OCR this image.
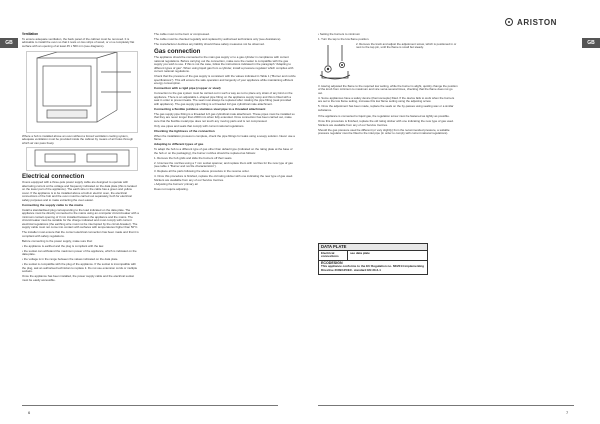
GB	GB
ARISTON

Ventilation

To ensure adequate ventilation, the back panel of the cabinet must be removed. It is advisable to install the oven so that it rests on two strips of wood, or on a completely flat surface with an opening of at least 45 x 560 mm (see diagrams).

Where a hob is installed above an oven without a forced ventilation cooling system, adequate ventilation must be provided inside the cabinet by means of air holes through which air can pass freely.

Electrical connection

Ovens equipped with a three-pole power supply cable are designed to operate with alternating current at the voltage and frequency indicated on the data plate (this is located on the lower part of the appliance). The earth wire in the cable has a green and yellow cover. If the appliance is to be installed above a built-in electric oven, the electrical connections of the hob and the oven must be carried out separately, both for electrical safety purposes and to make extracting the oven easier.

Connecting the supply cable to the mains

Install a standardised plug corresponding to the load indicated on the data plate. The appliance must be directly connected to the mains using an omnipolar circuit-breaker with a minimum contact opening of 3 mm installed between the appliance and the mains. The circuit-breaker must be suitable for the charge indicated and must comply with current electrical regulations (the earthing wire must not be interrupted by the circuit-breaker). The supply cable must not come into contact with surfaces with temperatures higher than 50°C.

The installer must ensure that the correct electrical connection has been made and that it is compliant with safety regulations.

Before connecting to the power supply, make sure that:

• the appliance is earthed and the plug is compliant with the law.

• the socket can withstand the maximum power of the appliance, which is indicated on the data plate.

• the voltage is in the range between the values indicated on the data plate.

• the socket is compatible with the plug of the appliance. If the socket is incompatible with the plug, ask an authorised technician to replace it. Do not use extension cords or multiple sockets.

Once the appliance has been installed, the power supply cable and the electrical socket must be easily accessible.

The cable must not be bent or compressed.

The cable must be checked regularly and replaced by authorised technicians only (see Assistance).

The manufacturer declines any liability should these safety measures not be observed.

Gas connection

The appliance should be connected to the main gas supply or to a gas cylinder in compliance with current national regulations. Before carrying out the connection, make sure the cooker is compatible with the gas supply you wish to use. If this is not the case, follow the instructions indicated in the paragraph "Adapting to different types of gas". When using liquid gas from a cylinder, install a pressure regulator which complies with current national regulations.

Check that the pressure of the gas supply is consistent with the values indicated in Table 1 ("Burner and nozzle specifications"). This will ensure the safe operation and longevity of your appliance while maintaining efficient energy consumption.

Connection with a rigid pipe (copper or steel)

Connection to the gas system must be carried out in such a way as not to place any strain of any kind on the appliance. There is an adjustable L-shaped pipe fitting on the appliance supply ramp and this is fitted with a seal in order to prevent leaks. The seal must always be replaced after rotating the pipe fitting (seal provided with appliance). The gas supply pipe fitting is a threaded 1/2 gas cylindrical male attachment.

Connecting a flexible jointless stainless steel pipe to a threaded attachment

The gas supply pipe fitting is a threaded 1/2 gas cylindrical male attachment. These pipes must be installed so that they are never longer than 2000 mm when fully extended. Once connection has been carried out, make sure that the flexible metal pipe does not touch any moving parts and is not compressed.

Only use pipes and seals that comply with current national regulations.

Checking the tightness of the connection

When the installation process is complete, check the pipe fittings for leaks using a soapy solution. Never use a flame.

Adapting to different types of gas

To adapt the hob to a different type of gas other than default type (indicated on the rating plate at the base of the hob or on the packaging), the burner nozzles should be replaced as follows:

1. Remove the hob grids and slide the burners off their seats.

2. Unscrew the nozzles using a 7 mm socket spanner, and replace them with nozzles for the new type of gas (see table 1 "Burner and nozzle characteristics").

3. Replace all the parts following the above procedure in the reverse order.

4. Once this procedure is finished, replace the old rating sticker with one indicating the new type of gas used. Stickers are available from any of our Service Centres.

• Adjusting the burners' primary air

Does not require adjusting.

• Setting the burners to minimum

1. Turn the tap to the low flame position.

2. Remove the knob and adjust the adjustment screw, which is positioned in or next to the tap pin, until the flame is small but steady.

3. Having adjusted the flame to the required low setting, while the burner is alight, quickly change the position of the knob from minimum to maximum and vice versa several times, checking that the flame does not go out.

4. Some appliances have a safety device (thermocouple) fitted. If the device fails to work when the burners are set to the low flame setting, increase this low flame setting using the adjusting screw.

5. Once the adjustment has been made, replace the seals on the by-passes using sealing wax or a similar substance.

If the appliance is connected to liquid gas, the regulation screw must be fastened as tightly as possible.

Once this procedure is finished, replace the old rating sticker with one indicating the new type of gas used. Stickers are available from any of our Service Centres.

Should the gas pressure used be different (or vary slightly) from the recommended pressure, a suitable pressure regulator must be fitted to the inlet pipe (in order to comply with current national regulations).

DATA PLATE
Electrical connections
see data plate
ECODESIGN
This appliance conforms to the EU Regulation no. 66/2014 implementing Directive 2009/125/EC. standard EN 30-2-1
6	7
